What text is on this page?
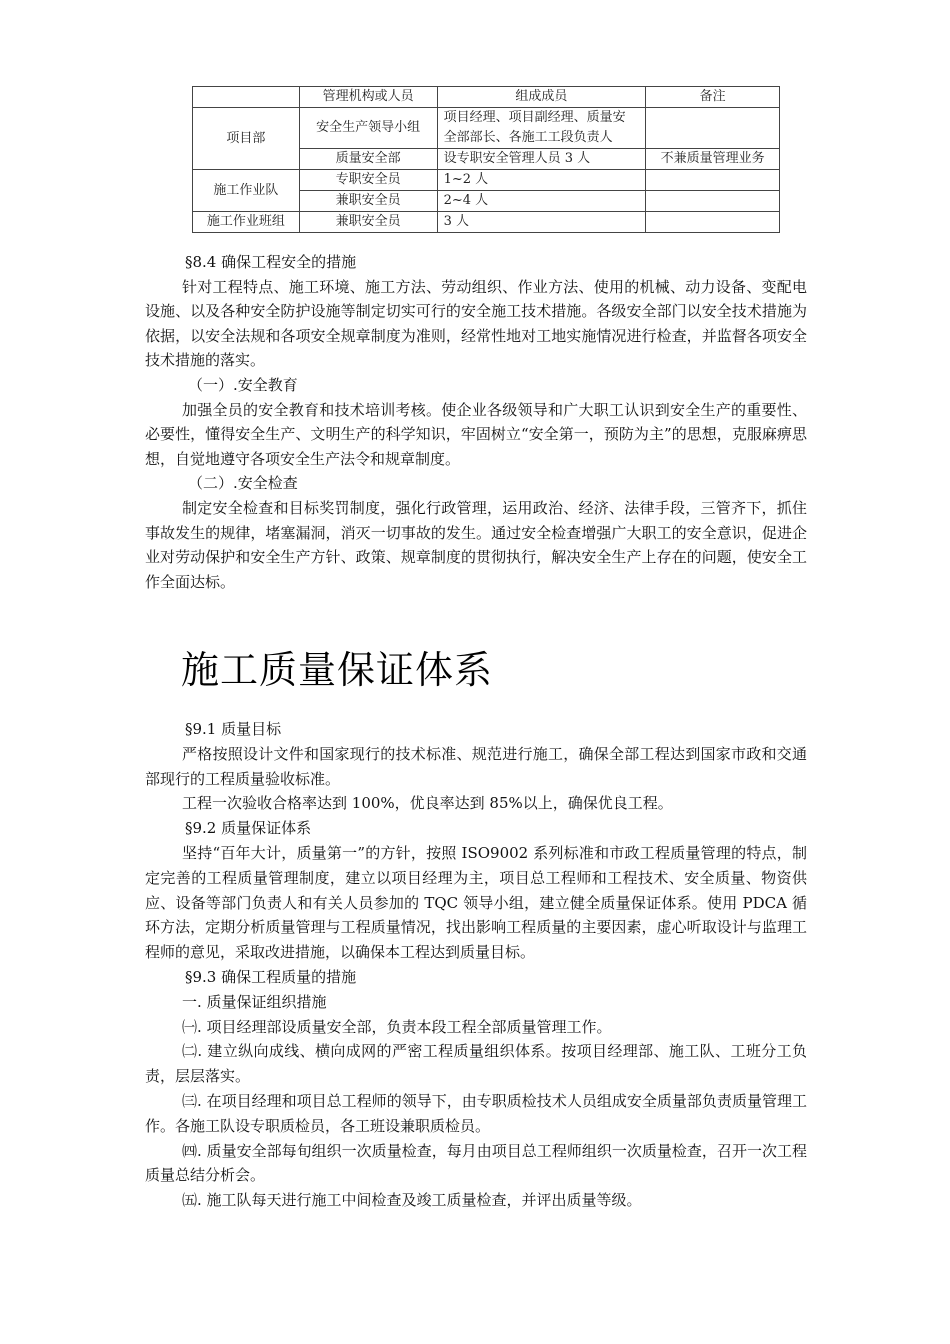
	管理机构或人员	组成成员	备注
项目部	安全生产领导小组	项目经理、项目副经理、质量安
全部部长、各施工工段负责人	

	质量安全部	设专职安全管理人员 3 人	不兼质量管理业务
施工作业队	专职安全员	1~2 人	
	兼职安全员	2~4 人	
施工作业班组	兼职安全员	3 人	

§8.4 确保工程安全的措施

针对工程特点、施工环境、施工方法、劳动组织、作业方法、使用的机械、动力设备、变配电设施、以及各种安全防护设施等制定切实可行的安全施工技术措施。各级安全部门以安全技术措施为依据，以安全法规和各项安全规章制度为准则，经常性地对工地实施情况进行检查，并监督各项安全技术措施的落实。

（一）.安全教育

加强全员的安全教育和技术培训考核。使企业各级领导和广大职工认识到安全生产的重要性、必要性，懂得安全生产、文明生产的科学知识，牢固树立“安全第一，预防为主”的思想，克服麻痹思想，自觉地遵守各项安全生产法令和规章制度。

（二）.安全检查

制定安全检查和目标奖罚制度，强化行政管理，运用政治、经济、法律手段，三管齐下，抓住事故发生的规律，堵塞漏洞，消灭一切事故的发生。通过安全检查增强广大职工的安全意识，促进企业对劳动保护和安全生产方针、政策、规章制度的贯彻执行，解决安全生产上存在的问题，使安全工作全面达标。

施工质量保证体系

§9.1 质量目标

严格按照设计文件和国家现行的技术标准、规范进行施工，确保全部工程达到国家市政和交通部现行的工程质量验收标准。

工程一次验收合格率达到 100%，优良率达到 85%以上，确保优良工程。

§9.2 质量保证体系

坚持“百年大计，质量第一”的方针，按照 ISO9002 系列标准和市政工程质量管理的特点，制定完善的工程质量管理制度，建立以项目经理为主，项目总工程师和工程技术、安全质量、物资供应、设备等部门负责人和有关人员参加的 TQC 领导小组，建立健全质量保证体系。使用 PDCA 循环方法，定期分析质量管理与工程质量情况，找出影响工程质量的主要因素，虚心听取设计与监理工程师的意见，采取改进措施，以确保本工程达到质量目标。

§9.3 确保工程质量的措施

一. 质量保证组织措施

㈠. 项目经理部设质量安全部，负责本段工程全部质量管理工作。

㈡. 建立纵向成线、横向成网的严密工程质量组织体系。按项目经理部、施工队、工班分工负责，层层落实。

㈢. 在项目经理和项目总工程师的领导下，由专职质检技术人员组成安全质量部负责质量管理工作。各施工队设专职质检员，各工班设兼职质检员。

㈣. 质量安全部每旬组织一次质量检查，每月由项目总工程师组织一次质量检查，召开一次工程质量总结分析会。

㈤. 施工队每天进行施工中间检查及竣工质量检查，并评出质量等级。
